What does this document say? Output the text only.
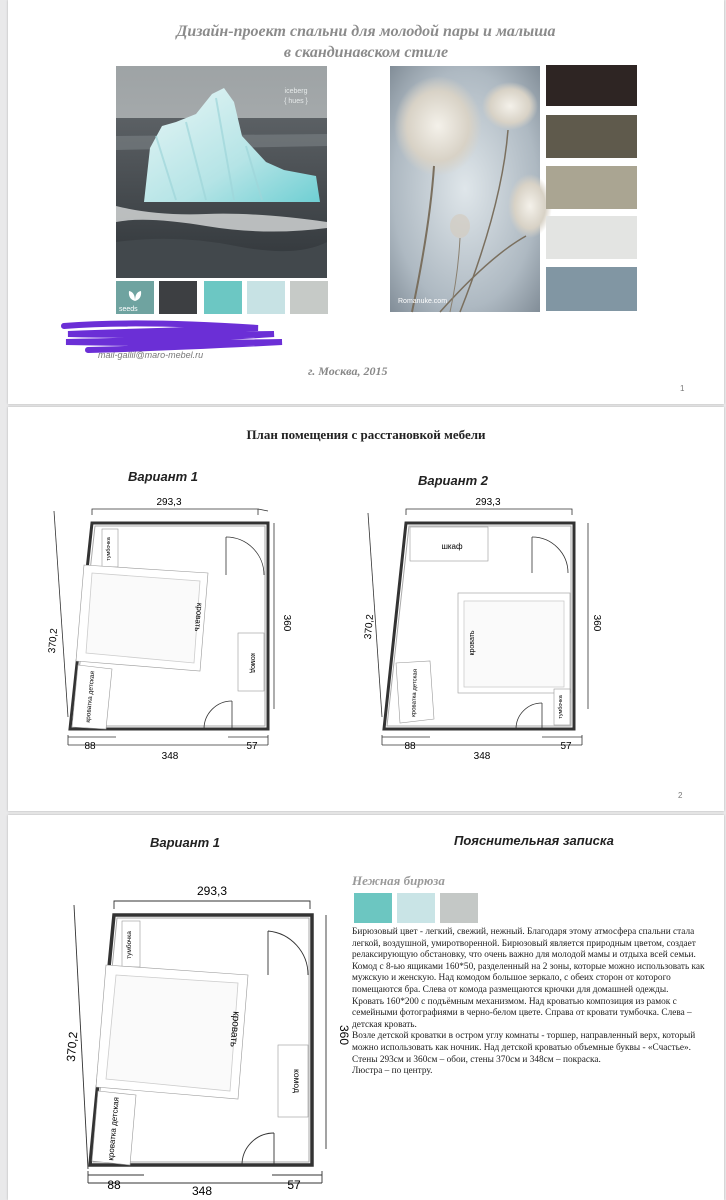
Дизайн-проект спальни для молодой пары и малыша
в скандинавском стиле
iceberg
{ hues }
seeds
Romanuke.com
mail-gallil@maro-mebel.ru
г. Москва, 2015
1
План помещения с расстановкой мебели
Вариант 1	Вариант 2
293,3
370,2
360
348
88	57
кровать
кроватка детская
комод
тумбочка
293,3
370,2	360
348
88	57
шкаф
кровать
кроватка детская	тумбочка
2
Вариант 1	Пояснительная записка
293,3
370,2	360
348
88	57
кровать
кроватка детская
комод
тумбочка
Нежная бирюза

Бирюзовый цвет - легкий, свежий, нежный. Благодаря этому атмосфера спальни стала легкой, воздушной, умиротворенной. Бирюзовый является природным цветом, создает релаксирующую обстановку, что очень важно для молодой мамы и отдыха всей семьи.

Комод с 8-ью ящиками 160*50, разделенный на 2 зоны, которые можно использовать как мужскую и женскую. Над комодом большое зеркало, с обеих сторон от которого помещаются бра. Слева от комода размещаются крючки для домашней одежды.

Кровать 160*200 с подъёмным механизмом. Над кроватью композиция из рамок с семейными фотографиями в черно-белом цвете. Справа от кровати тумбочка. Слева – детская кровать.

Возле детской кроватки в остром углу комнаты - торшер, направленный верх, который можно использовать как ночник. Над детской кроватью объемные буквы - «Счастье».

Стены 293см и 360см – обои, стены 370см и 348см – покраска.

Люстра – по центру.
